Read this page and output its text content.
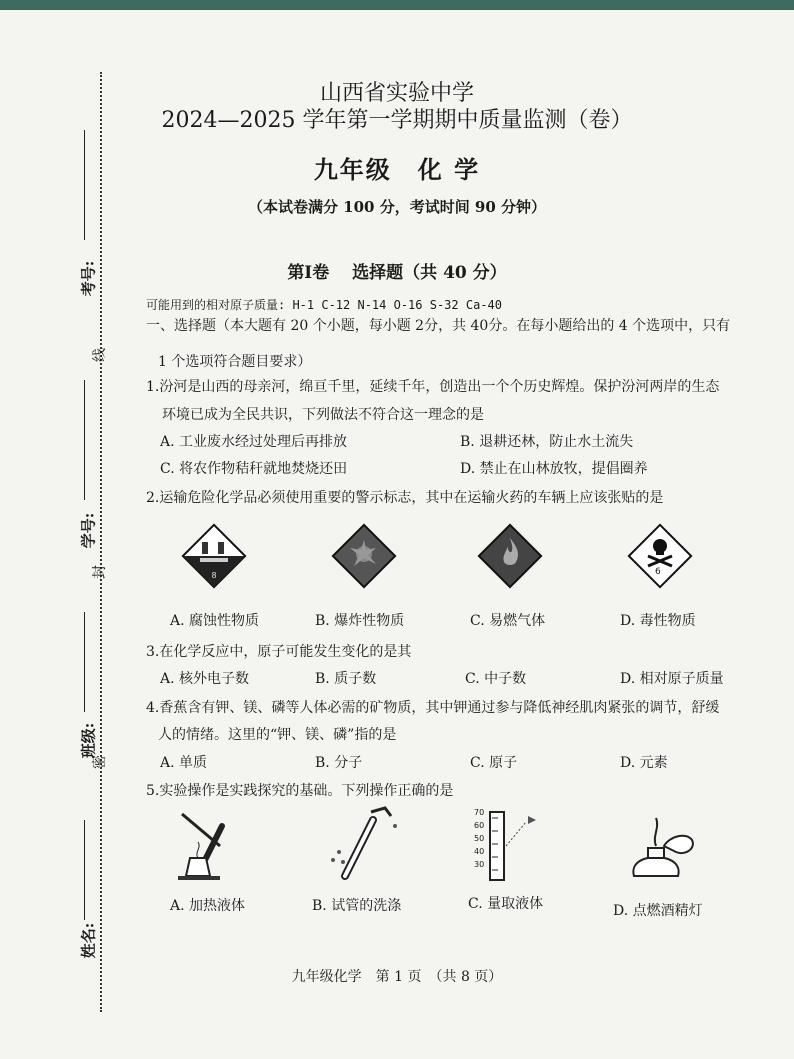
考号:
学号:
班级:
姓名:
线
封
密
山西省实验中学
2024—2025 学年第一学期期中质量监测（卷）
九年级　化 学
（本试卷满分 100 分，考试时间 90 分钟）
第Ⅰ卷　 选择题（共 40 分）
可能用到的相对原子质量: H-1 C-12 N-14 O-16 S-32 Ca-40
一、选择题（本大题有 20 个小题，每小题 2分，共 40分。在每小题给出的 4 个选项中，只有
1 个选项符合题目要求）
1.汾河是山西的母亲河，绵亘千里，延续千年，创造出一个个历史辉煌。保护汾河两岸的生态
环境已成为全民共识，下列做法不符合这一理念的是
A. 工业废水经过处理后再排放	B. 退耕还林，防止水土流失
C. 将农作物秸秆就地焚烧还田	D. 禁止在山林放牧，提倡圈养
2.运输危险化学品必须使用重要的警示标志，其中在运输火药的车辆上应该张贴的是
8	6
A. 腐蚀性物质	B. 爆炸性物质	C. 易燃气体	D. 毒性物质
3.在化学反应中，原子可能发生变化的是其
A. 核外电子数	B. 质子数	C. 中子数	D. 相对原子质量
4.香蕉含有钾、镁、磷等人体必需的矿物质，其中钾通过参与降低神经肌肉紧张的调节，舒缓
人的情绪。这里的“钾、镁、磷”指的是
A. 单质	B. 分子	C. 原子	D. 元素
5.实验操作是实践探究的基础。下列操作正确的是
70
60
50
40
30
A. 加热液体	B. 试管的洗涤	C. 量取液体	D. 点燃酒精灯
九年级化学　第 1 页　（共 8 页）
